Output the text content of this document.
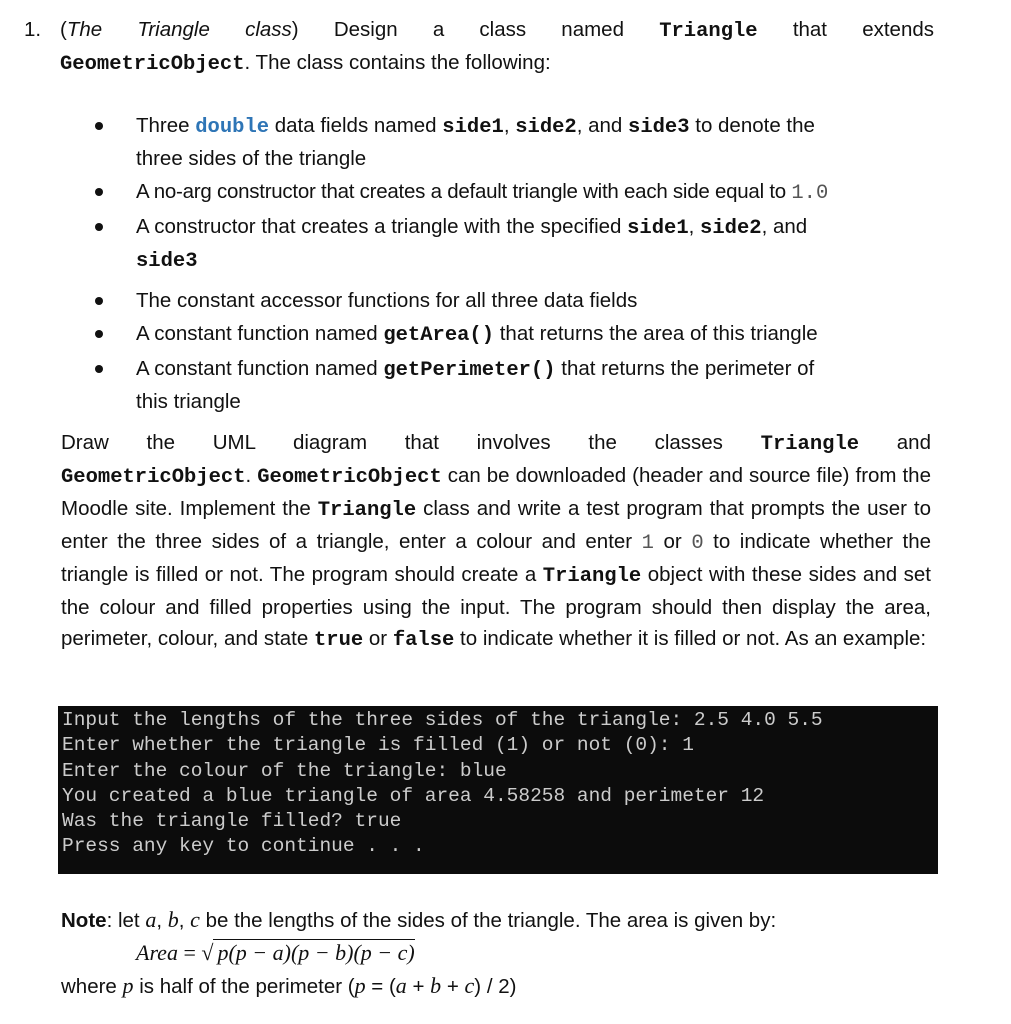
1. (The Triangle class) Design a class named Triangle that extends
GeometricObject. The class contains the following:
Three double data fields named side1, side2, and side3 to denote the
three sides of the triangle
A no-arg constructor that creates a default triangle with each side equal to 1.0
A constructor that creates a triangle with the specified side1, side2, and
side3
The constant accessor functions for all three data fields
A constant function named getArea() that returns the area of this triangle
A constant function named getPerimeter() that returns the perimeter of
this triangle
Draw the UML diagram that involves the classes Triangle and
GeometricObject. GeometricObject can be downloaded (header and source file) from the Moodle site. Implement the Triangle class and write a test program that prompts the user to enter the three sides of a triangle, enter a colour and enter 1 or 0 to indicate whether the triangle is filled or not. The program should create a Triangle object with these sides and set the colour and filled properties using the input. The program should then display the area, perimeter, colour, and state true or false to indicate whether it is filled or not. As an example:
Input the lengths of the three sides of the triangle: 2.5 4.0 5.5
Enter whether the triangle is filled (1) or not (0): 1
Enter the colour of the triangle: blue
You created a blue triangle of area 4.58258 and perimeter 12
Was the triangle filled? true
Press any key to continue . . .
Note: let a, b, c be the lengths of the sides of the triangle. The area is given by:
Area = √ p(p − a)(p − b)(p − c)
where p is half of the perimeter (p = (a + b + c) / 2)
